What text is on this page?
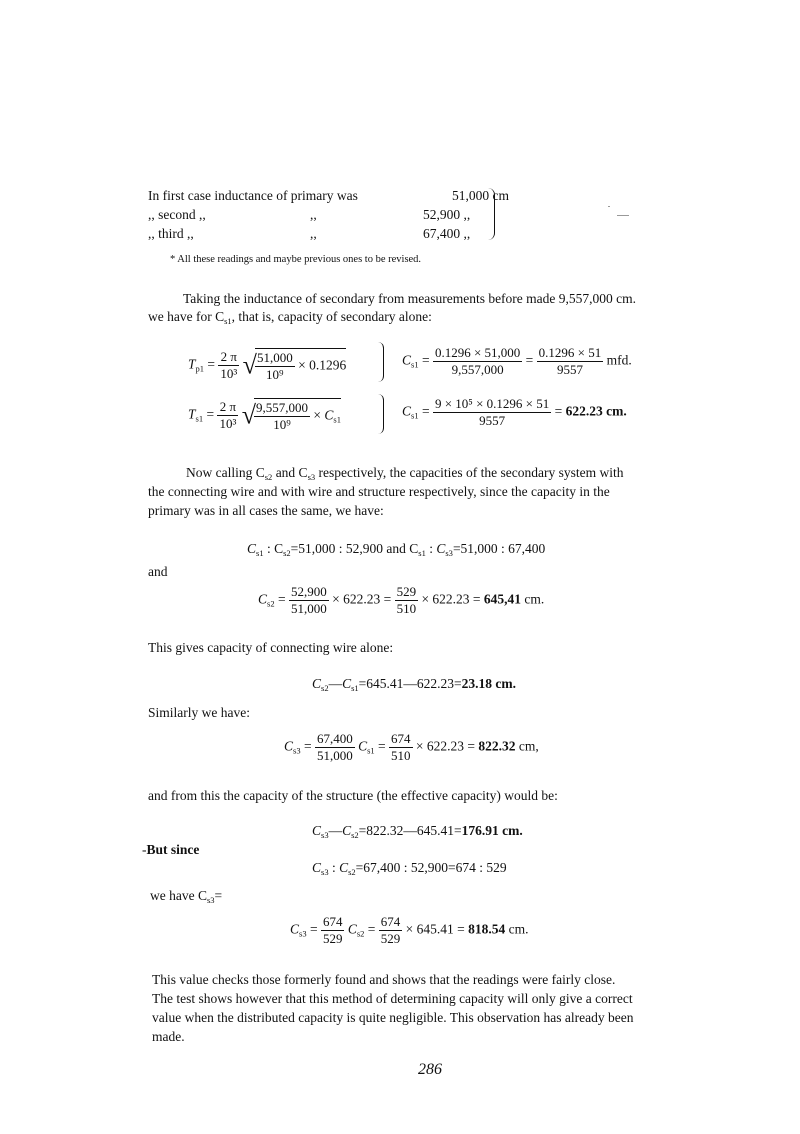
In first case inductance of primary was	51,000 cm
,, second ,,	,,	52,900 ,,
,, third ,,	,,	67,400 ,,
* All these readings and maybe previous ones to be revised.
Taking the inductance of secondary from measurements before made 9,557,000 cm.
we have for $C_{s1}$, that is, capacity of secondary alone:
$T_{p1} = \frac{2 \pi}{\text{10³}}$ √
$\frac{51,000}{\text{10⁹}} \times 0.1296$	$C_{s1} = \frac{0.1296 \times 51,000}{9,557,000} = \frac{0.1296 \times 51}{9557}$ mfd.
$T_{s1} = \frac{2 \pi}{\text{10³}}$ √
$\frac{9,557,000}{\text{10⁹}} \times C_{s1}$
$C_{s1} = \frac{\text{9 × 10⁵ × 0.1296 × 51}}{9557} = 622.23$ cm.
Now calling $C_{s2}$ and $C_{s3}$ respectively, the capacities of the secondary system with
the connecting wire and with wire and structure respectively, since the capacity in the
primary was in all cases the same, we have:
$C_{s1}$ : $C_{s2}=51,000$ : 52,900 and $C_{s1}$ : $C_{s3}=51,000$ : 67,400
and
$C_{s2} = \frac{52,900}{51,000} \times 622.23 = \frac{529}{510} \times 622.23 = 645,41$ cm.
This gives capacity of connecting wire alone:
$C_{s2}—C_{s1}=645.41—622.23=23.18$ cm.
Similarly we have:
$C_{s3} = \frac{67,400}{51,000} C_{s1} = \frac{674}{510} \times 622.23 = 822.32$ cm,
and from this the capacity of the structure (the effective capacity) would be:
$C_{s3}—C_{s2}=822.32—645.41=176.91$ cm.
‑But since
$C_{s3}$ : $C_{s2}=67,400$ : 52,900=674 : 529
we have $C_{s3}=$
$C_{s3} = \frac{674}{529} C_{s2} = \frac{674}{529} \times 645.41 = 818.54$ cm.
This value checks those formerly found and shows that the readings were fairly close.
The test shows however that this method of determining capacity will only give a correct
value when the distributed capacity is quite negligible. This observation has already been
made.
286
